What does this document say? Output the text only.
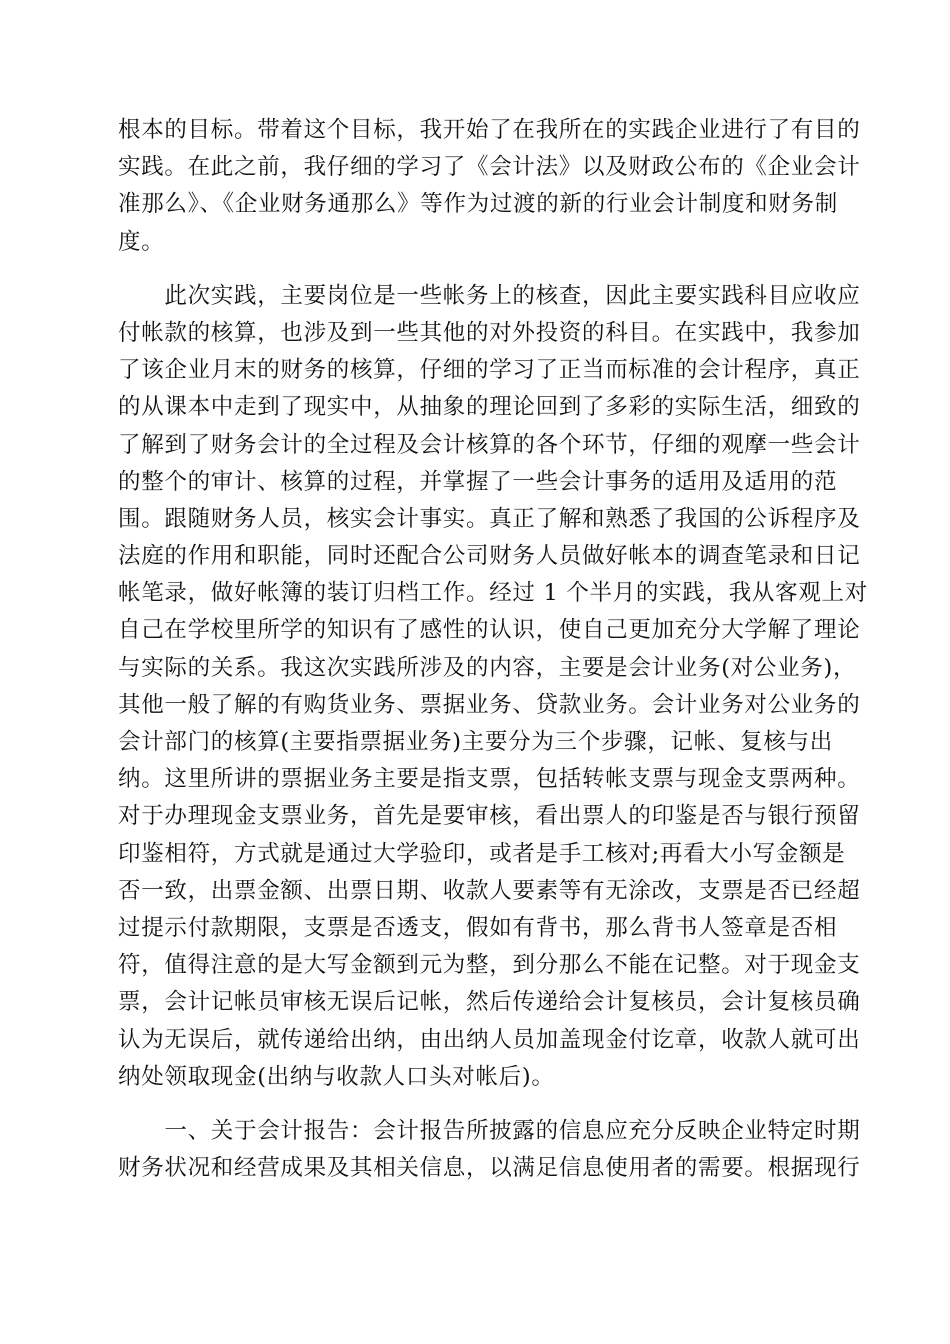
根本的目标。带着这个目标，我开始了在我所在的实践企业进行了有目的
实践。在此之前，我仔细的学习了《会计法》以及财政公布的《企业会计
准那么》、《企业财务通那么》等作为过渡的新的行业会计制度和财务制
度。

　　此次实践，主要岗位是一些帐务上的核查，因此主要实践科目应收应
付帐款的核算，也涉及到一些其他的对外投资的科目。在实践中，我参加
了该企业月末的财务的核算，仔细的学习了正当而标准的会计程序，真正
的从课本中走到了现实中，从抽象的理论回到了多彩的实际生活，细致的
了解到了财务会计的全过程及会计核算的各个环节，仔细的观摩一些会计
的整个的审计、核算的过程，并掌握了一些会计事务的适用及适用的范
围。跟随财务人员，核实会计事实。真正了解和熟悉了我国的公诉程序及
法庭的作用和职能，同时还配合公司财务人员做好帐本的调查笔录和日记
帐笔录，做好帐簿的装订归档工作。经过 1 个半月的实践，我从客观上对
自己在学校里所学的知识有了感性的认识，使自己更加充分大学解了理论
与实际的关系。我这次实践所涉及的内容，主要是会计业务(对公业务)，
其他一般了解的有购货业务、票据业务、贷款业务。会计业务对公业务的
会计部门的核算(主要指票据业务)主要分为三个步骤，记帐、复核与出
纳。这里所讲的票据业务主要是指支票，包括转帐支票与现金支票两种。
对于办理现金支票业务，首先是要审核，看出票人的印鉴是否与银行预留
印鉴相符，方式就是通过大学验印，或者是手工核对;再看大小写金额是
否一致，出票金额、出票日期、收款人要素等有无涂改，支票是否已经超
过提示付款期限，支票是否透支，假如有背书，那么背书人签章是否相
符，值得注意的是大写金额到元为整，到分那么不能在记整。对于现金支
票，会计记帐员审核无误后记帐，然后传递给会计复核员，会计复核员确
认为无误后，就传递给出纳，由出纳人员加盖现金付讫章，收款人就可出
纳处领取现金(出纳与收款人口头对帐后)。

　　一、关于会计报告：会计报告所披露的信息应充分反映企业特定时期
财务状况和经营成果及其相关信息，以满足信息使用者的需要。根据现行
